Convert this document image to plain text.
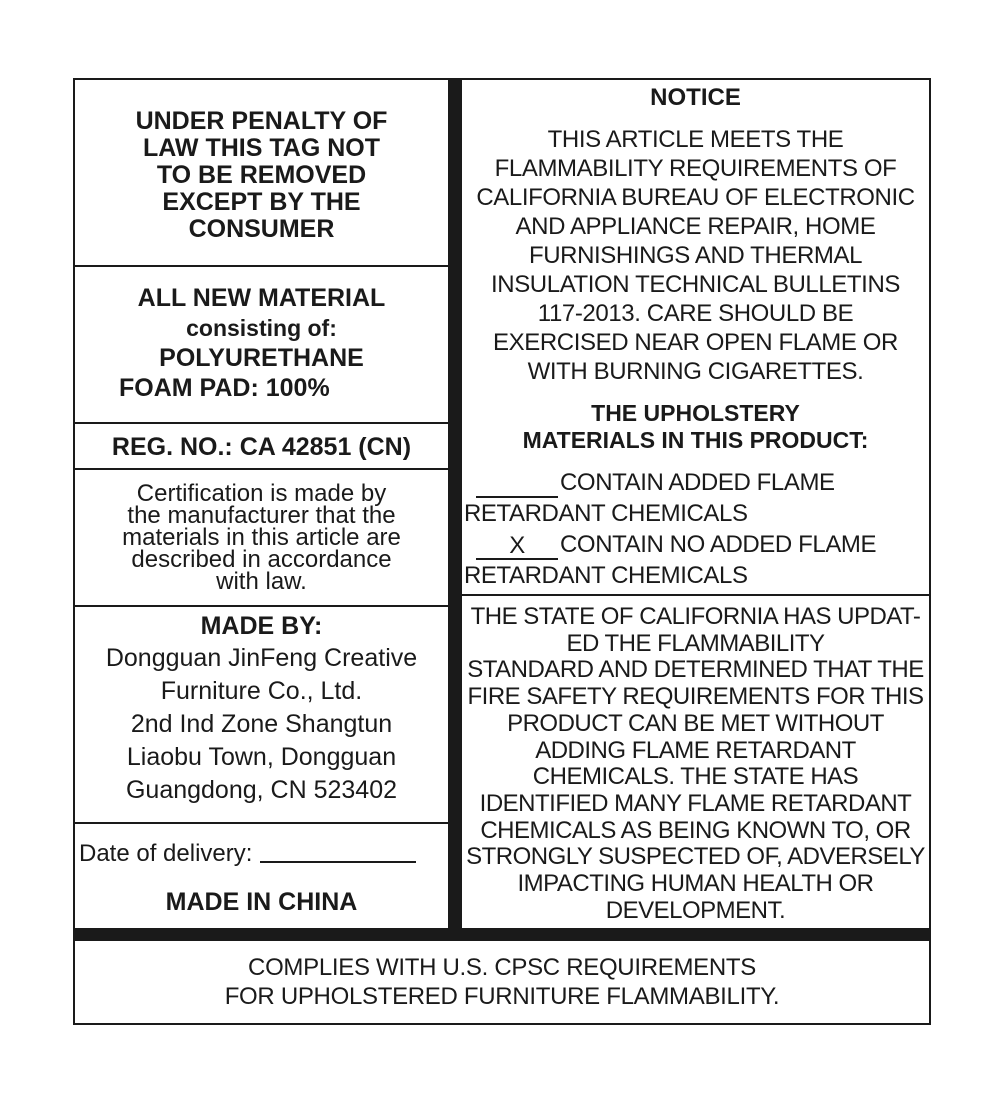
UNDER PENALTY OF
LAW THIS TAG NOT
TO BE REMOVED
EXCEPT BY THE
CONSUMER
ALL NEW MATERIAL
consisting of:
POLYURETHANE
FOAM PAD: 100%
REG. NO.: CA 42851 (CN)
Certification is made by
the manufacturer that the
materials in this article are
described in accordance
with law.
MADE BY:
Dongguan JinFeng Creative
Furniture Co., Ltd.
2nd Ind Zone Shangtun
Liaobu Town, Dongguan
Guangdong, CN 523402
Date of delivery:
MADE IN CHINA
NOTICE
THIS ARTICLE MEETS THE
FLAMMABILITY REQUIREMENTS OF
CALIFORNIA BUREAU OF ELECTRONIC
AND APPLIANCE REPAIR, HOME
FURNISHINGS AND THERMAL
INSULATION TECHNICAL BULLETINS
117-2013. CARE SHOULD BE
EXERCISED NEAR OPEN FLAME OR
WITH BURNING CIGARETTES.
THE UPHOLSTERY
MATERIALS IN THIS PRODUCT:
CONTAIN ADDED FLAME
RETARDANT CHEMICALS
X	CONTAIN NO ADDED FLAME
RETARDANT CHEMICALS
THE STATE OF CALIFORNIA HAS UPDAT-
ED THE FLAMMABILITY
STANDARD AND DETERMINED THAT THE
FIRE SAFETY REQUIREMENTS FOR THIS
PRODUCT CAN BE MET WITHOUT
ADDING FLAME RETARDANT
CHEMICALS. THE STATE HAS
IDENTIFIED MANY FLAME RETARDANT
CHEMICALS AS BEING KNOWN TO, OR
STRONGLY SUSPECTED OF, ADVERSELY
IMPACTING HUMAN HEALTH OR
DEVELOPMENT.
COMPLIES WITH U.S. CPSC REQUIREMENTS
FOR UPHOLSTERED FURNITURE FLAMMABILITY.
